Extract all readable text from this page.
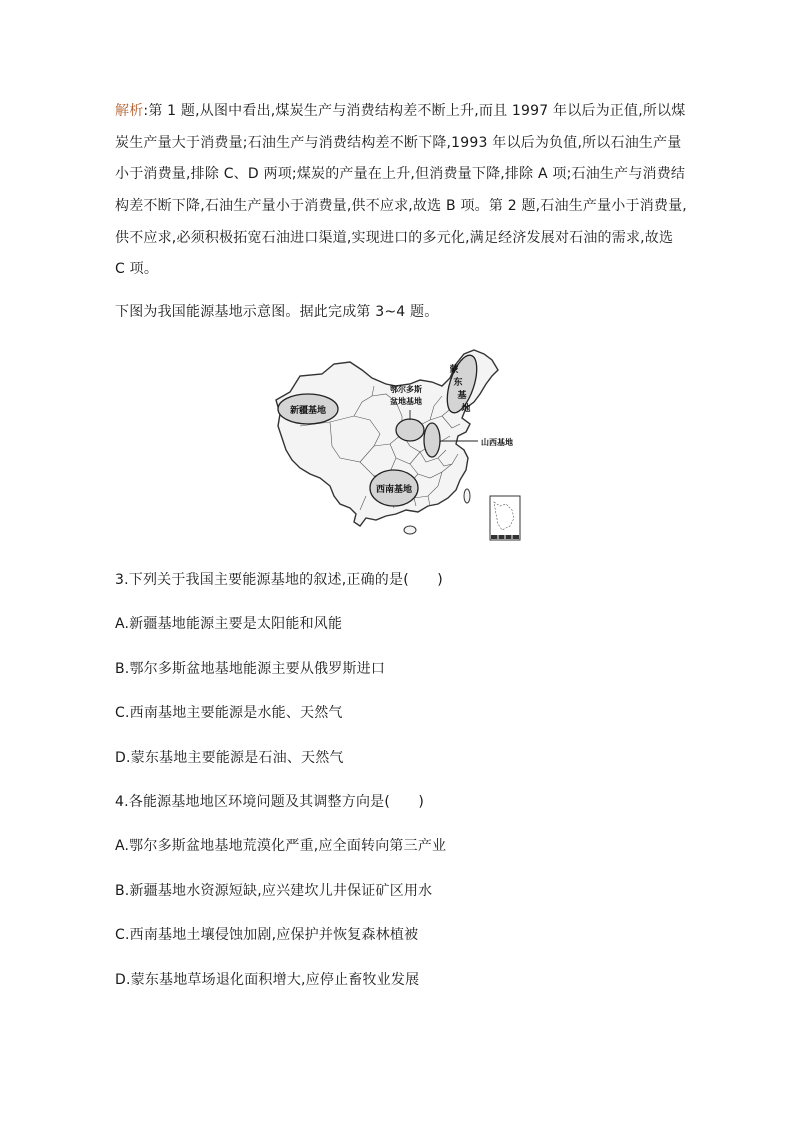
解析:第 1 题,从图中看出,煤炭生产与消费结构差不断上升,而且 1997 年以后为正值,所以煤
炭生产量大于消费量;石油生产与消费结构差不断下降,1993 年以后为负值,所以石油生产量
小于消费量,排除 C、D 两项;煤炭的产量在上升,但消费量下降,排除 A 项;石油生产与消费结
构差不断下降,石油生产量小于消费量,供不应求,故选 B 项。第 2 题,石油生产量小于消费量,
供不应求,必须积极拓宽石油进口渠道,实现进口的多元化,满足经济发展对石油的需求,故选
C 项。
下图为我国能源基地示意图。据此完成第 3~4 题。
新疆基地
鄂尔多斯
盆地基地
蒙
东
基
地
山西基地
西南基地
3.下列关于我国主要能源基地的叙述,正确的是(　　)
A.新疆基地能源主要是太阳能和风能
B.鄂尔多斯盆地基地能源主要从俄罗斯进口
C.西南基地主要能源是水能、天然气
D.蒙东基地主要能源是石油、天然气
4.各能源基地地区环境问题及其调整方向是(　　)
A.鄂尔多斯盆地基地荒漠化严重,应全面转向第三产业
B.新疆基地水资源短缺,应兴建坎儿井保证矿区用水
C.西南基地土壤侵蚀加剧,应保护并恢复森林植被
D.蒙东基地草场退化面积增大,应停止畜牧业发展
